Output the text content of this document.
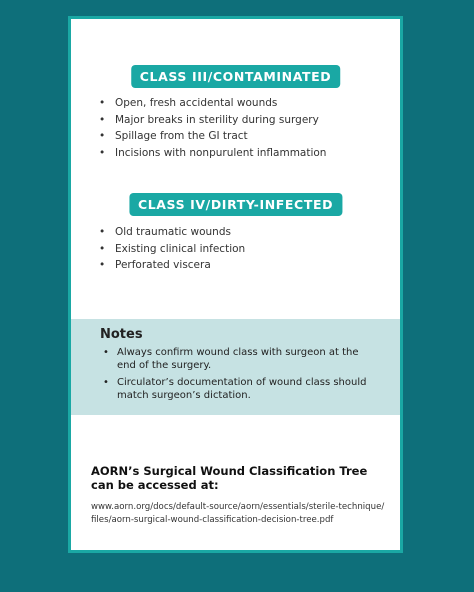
CLASS III/CONTAMINATED
• Open, fresh accidental wounds
• Major breaks in sterility during surgery
• Spillage from the GI tract
• Incisions with nonpurulent inflammation
CLASS IV/DIRTY-INFECTED
• Old traumatic wounds
• Existing clinical infection
• Perforated viscera
Notes
• Always confirm wound class with surgeon at the end of the surgery.
• Circulator’s documentation of wound class should match surgeon’s dictation.

AORN’s Surgical Wound Classification Tree can be accessed at:

www.aorn.org/docs/default-source/aorn/essentials/sterile-technique/
files/aorn-surgical-wound-classification-decision-tree.pdf
